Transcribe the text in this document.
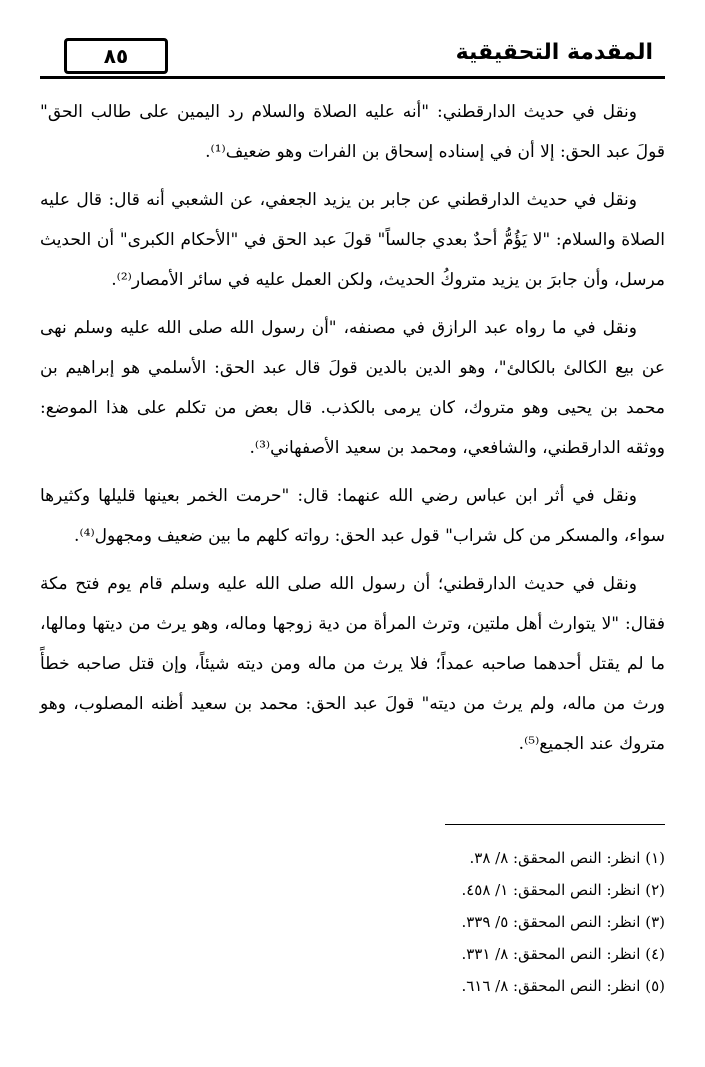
المقدمة التحقيقية
٨٥

ونقل في حديث الدارقطني: "أنه عليه الصلاة والسلام رد اليمين على طالب الحق" قولَ عبد الحق: إلا أن في إسناده إسحاق بن الفرات وهو ضعيف⁽¹⁾.

ونقل في حديث الدارقطني عن جابر بن يزيد الجعفي، عن الشعبي أنه قال: قال عليه الصلاة والسلام: "لا يَؤُمُّ أحدٌ بعدي جالساً" قولَ عبد الحق في "الأحكام الكبرى" أن الحديث مرسل، وأن جابرَ بن يزيد متروكُ الحديث، ولكن العمل عليه في سائر الأمصار⁽²⁾.

ونقل في ما رواه عبد الرازق في مصنفه، "أن رسول الله صلى الله عليه وسلم نهى عن بيع الكالئ بالكالئ"، وهو الدين بالدين قولَ قال عبد الحق: الأسلمي هو إبراهيم بن محمد بن يحيى وهو متروك، كان يرمى بالكذب. قال بعض من تكلم على هذا الموضع: ووثقه الدارقطني، والشافعي، ومحمد بن سعيد الأصفهاني⁽³⁾.

ونقل في أثر ابن عباس رضي الله عنهما: قال: "حرمت الخمر بعينها قليلها وكثيرها سواء، والمسكر من كل شراب" قول عبد الحق: رواته كلهم ما بين ضعيف ومجهول⁽⁴⁾.

ونقل في حديث الدارقطني؛ أن رسول الله صلى الله عليه وسلم قام يوم فتح مكة فقال: "لا يتوارث أهل ملتين، وترث المرأة من دية زوجها وماله، وهو يرث من ديتها ومالها، ما لم يقتل أحدهما صاحبه عمداً؛ فلا يرث من ماله ومن ديته شيئاً، وإن قتل صاحبه خطأً ورث من ماله، ولم يرث من ديته" قولَ عبد الحق: محمد بن سعيد أظنه المصلوب، وهو متروك عند الجميع⁽⁵⁾.

(١) انظر: النص المحقق: ٨/ ٣٨.

(٢) انظر: النص المحقق: ١/ ٤٥٨.

(٣) انظر: النص المحقق: ٥/ ٣٣٩.

(٤) انظر: النص المحقق: ٨/ ٣٣١.

(٥) انظر: النص المحقق: ٨/ ٦١٦.
